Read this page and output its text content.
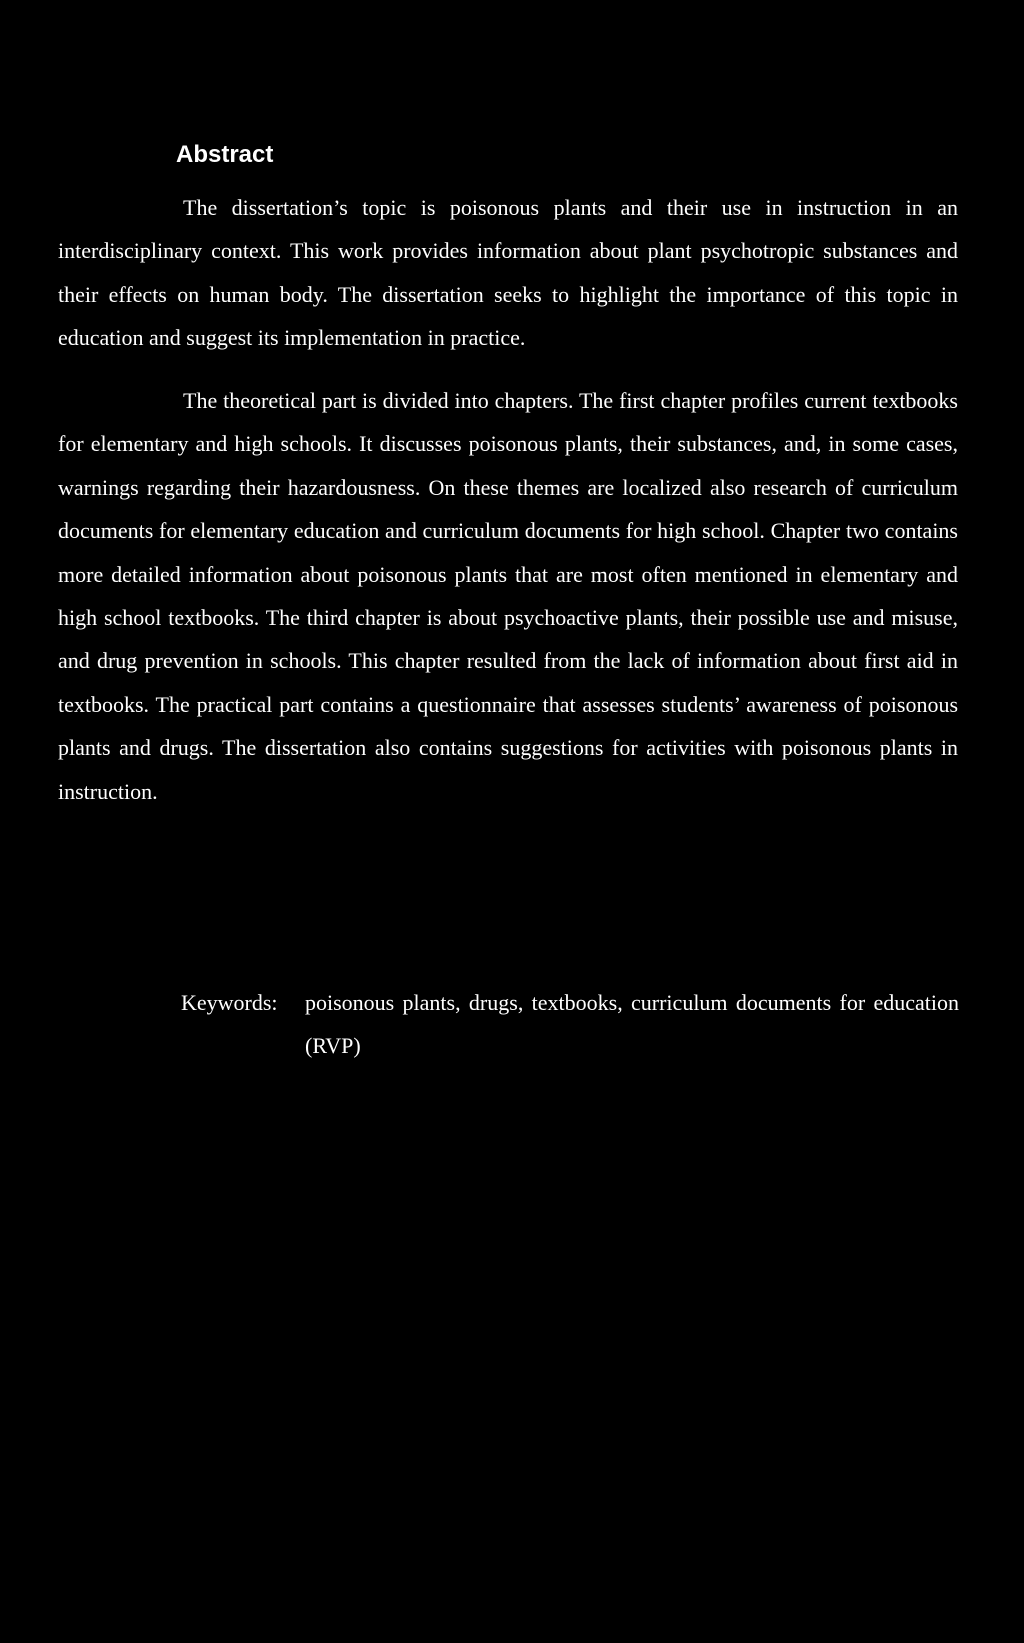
Abstract

The dissertation’s topic is poisonous plants and their use in instruction in an interdisciplinary context. This work provides information about plant psychotropic substances and their effects on human body. The dissertation seeks to highlight the importance of this topic in education and suggest its implementation in practice.

The theoretical part is divided into chapters. The first chapter profiles current textbooks for elementary and high schools. It discusses poisonous plants, their substances, and, in some cases, warnings regarding their hazardousness. On these themes are localized also research of curriculum documents for elementary education and curriculum documents for high school. Chapter two contains more detailed information about poisonous plants that are most often mentioned in elementary and high school textbooks. The third chapter is about psychoactive plants, their possible use and misuse, and drug prevention in schools. This chapter resulted from the lack of information about first aid in textbooks. The practical part contains a questionnaire that assesses students’ awareness of poisonous plants and drugs. The dissertation also contains suggestions for activities with poisonous plants in instruction.

Keywords: poisonous plants, drugs, textbooks, curriculum documents for education (RVP)
